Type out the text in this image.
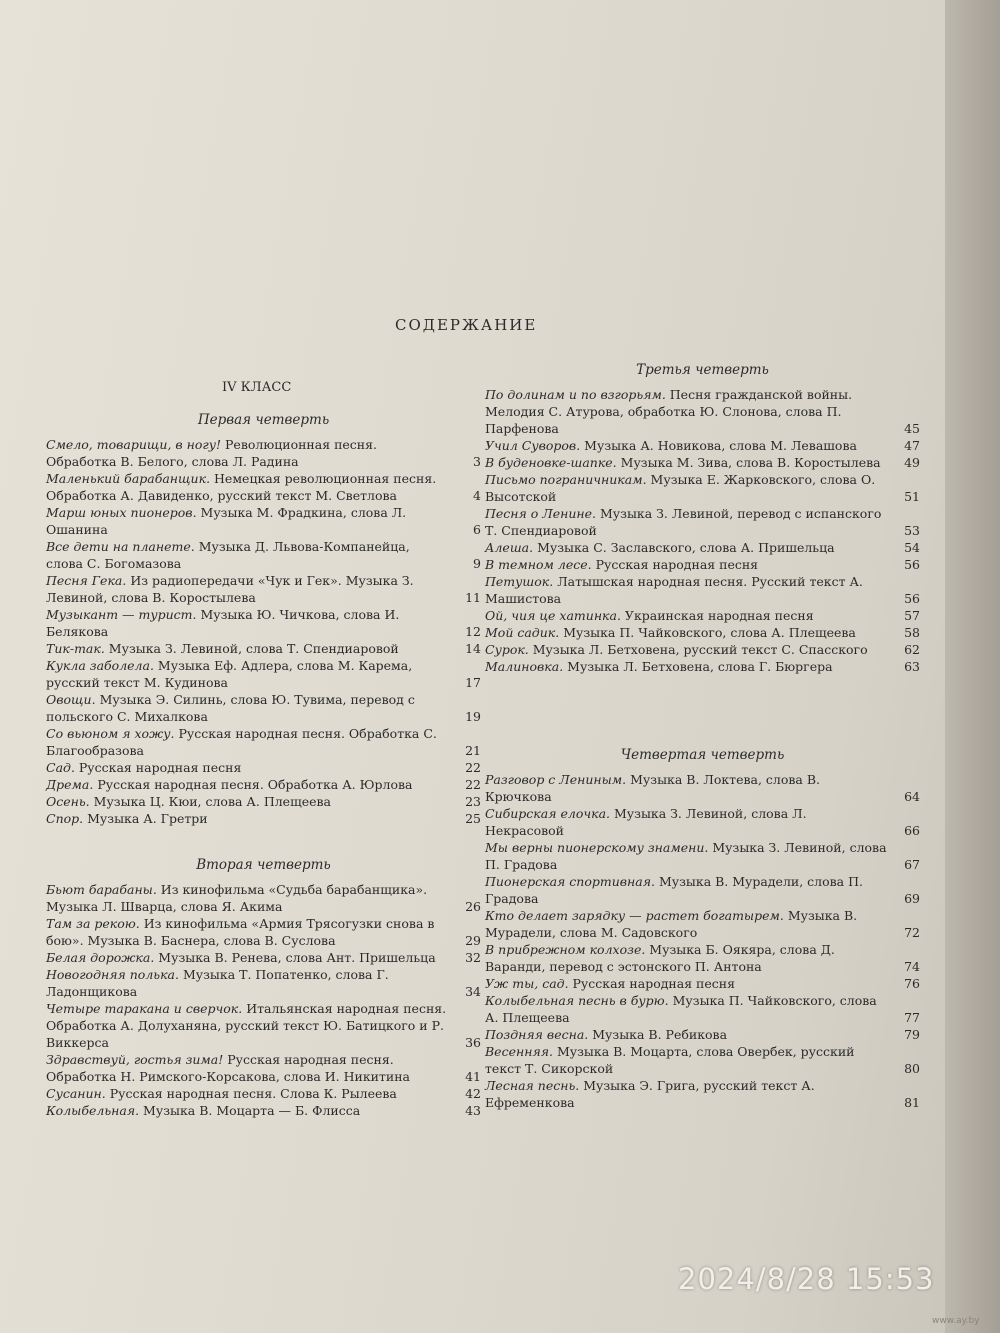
СОДЕРЖАНИЕ
IV КЛАСС
Первая четверть
Смело, товарищи, в ногу! Революционная песня. Обработка В. Белого, слова Л. Радина	3
Маленький барабанщик. Немецкая революционная песня. Обработка А. Давиденко, русский текст М. Светлова	4
Марш юных пионеров. Музыка М. Фрадкина, слова Л. Ошанина	6
Все дети на планете. Музыка Д. Львова-Компанейца, слова С. Богомазова	9
Песня Гека. Из радиопередачи «Чук и Гек». Музыка З. Левиной, слова В. Коростылева	11
Музыкант — турист. Музыка Ю. Чичкова, слова И. Белякова	12
Тик-так. Музыка З. Левиной, слова Т. Спендиаровой	14
Кукла заболела. Музыка Еф. Адлера, слова М. Карема, русский текст М. Кудинова	17
Овощи. Музыка Э. Силинь, слова Ю. Тувима, перевод с польского С. Михалкова	19
Со вьюном я хожу. Русская народная песня. Обработка С. Благообразова	21
Сад. Русская народная песня	22
Дрема. Русская народная песня. Обработка А. Юрлова	22
Осень. Музыка Ц. Кюи, слова А. Плещеева	23
Спор. Музыка А. Гретри	25
Вторая четверть
Бьют барабаны. Из кинофильма «Судьба барабанщика». Музыка Л. Шварца, слова Я. Акима	26
Там за рекою. Из кинофильма «Армия Трясогузки снова в бою». Музыка В. Баснера, слова В. Суслова	29
Белая дорожка. Музыка В. Ренева, слова Ант. Пришельца	32
Новогодняя полька. Музыка Т. Попатенко, слова Г. Ладонщикова	34
Четыре таракана и сверчок. Итальянская народная песня. Обработка А. Долуханяна, русский текст Ю. Батицкого и Р. Виккерса	36
Здравствуй, гостья зима! Русская народная песня. Обработка Н. Римского-Корсакова, слова И. Никитина	41
Сусанин. Русская народная песня. Слова К. Рылеева	42
Колыбельная. Музыка В. Моцарта — Б. Флисса	43
Третья четверть
По долинам и по взгорьям. Песня гражданской войны. Мелодия С. Атурова, обработка Ю. Слонова, слова П. Парфенова	45
Учил Суворов. Музыка А. Новикова, слова М. Левашова	47
В буденовке-шапке. Музыка М. Зива, слова В. Коростылева	49
Письмо пограничникам. Музыка Е. Жарковского, слова О. Высотской	51
Песня о Ленине. Музыка З. Левиной, перевод с испанского Т. Спендиаровой	53
Алеша. Музыка С. Заславского, слова А. Пришельца	54
В темном лесе. Русская народная песня	56
Петушок. Латышская народная песня. Русский текст А. Машистова	56
Ой, чия це хатинка. Украинская народная песня	57
Мой садик. Музыка П. Чайковского, слова А. Плещеева	58
Сурок. Музыка Л. Бетховена, русский текст С. Спасского	62
Малиновка. Музыка Л. Бетховена, слова Г. Бюргера	63
Четвертая четверть
Разговор с Лениным. Музыка В. Локтева, слова В. Крючкова	64
Сибирская елочка. Музыка З. Левиной, слова Л. Некрасовой	66
Мы верны пионерскому знамени. Музыка З. Левиной, слова П. Градова	67
Пионерская спортивная. Музыка В. Мурадели, слова П. Градова	69
Кто делает зарядку — растет богатырем. Музыка В. Мурадели, слова М. Садовского	72
В прибрежном колхозе. Музыка Б. Оякяра, слова Д. Варанди, перевод с эстонского П. Антона	74
Уж ты, сад. Русская народная песня	76
Колыбельная песнь в бурю. Музыка П. Чайковского, слова А. Плещеева	77
Поздняя весна. Музыка В. Ребикова	79
Весенняя. Музыка В. Моцарта, слова Овербек, русский текст Т. Сикорской	80
Лесная песнь. Музыка Э. Грига, русский текст А. Ефременкова	81
2024/8/28 15:53
www.ay.by
